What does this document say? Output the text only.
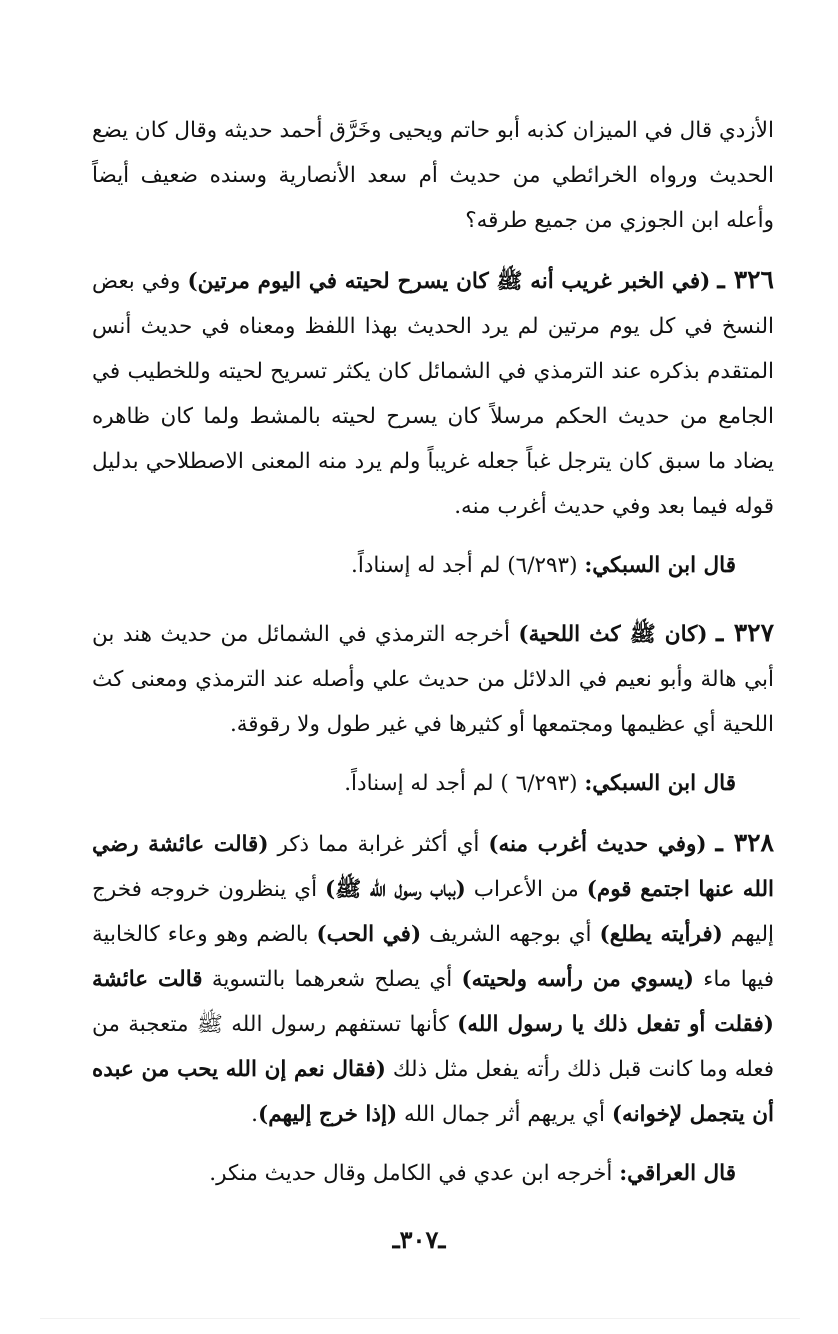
الأزدي قال في الميزان كذبه أبو حاتم ويحيى وخَرَّق أحمد حديثه وقال كان يضع الحديث ورواه الخرائطي من حديث أم سعد الأنصارية وسنده ضعيف أيضاً وأعله ابن الجوزي من جميع طرقه؟

٣٢٦ ـ (في الخبر غريب أنه ﷺ كان يسرح لحيته في اليوم مرتين) وفي بعض النسخ في كل يوم مرتين لم يرد الحديث بهذا اللفظ ومعناه في حديث أنس المتقدم بذكره عند الترمذي في الشمائل كان يكثر تسريح لحيته وللخطيب في الجامع من حديث الحكم مرسلاً كان يسرح لحيته بالمشط ولما كان ظاهره يضاد ما سبق كان يترجل غباً جعله غريباً ولم يرد منه المعنى الاصطلاحي بدليل قوله فيما بعد وفي حديث أغرب منه.

قال ابن السبكي: (٦/٢٩٣) لم أجد له إسناداً.

٣٢٧ ـ (كان ﷺ كث اللحية) أخرجه الترمذي في الشمائل من حديث هند بن أبي هالة وأبو نعيم في الدلائل من حديث علي وأصله عند الترمذي ومعنى كث اللحية أي عظيمها ومجتمعها أو كثيرها في غير طول ولا رقوقة.

قال ابن السبكي: (٦/٢٩٣ ) لم أجد له إسناداً.

٣٢٨ ـ (وفي حديث أغرب منه) أي أكثر غرابة مما ذكر (قالت عائشة رضي الله عنها اجتمع قوم) من الأعراب (بباب رسول الله ﷺ) أي ينظرون خروجه فخرج إليهم (فرأيته يطلع) أي بوجهه الشريف (في الحب) بالضم وهو وعاء كالخابية فيها ماء (يسوي من رأسه ولحيته) أي يصلح شعرهما بالتسوية قالت عائشة (فقلت أو تفعل ذلك يا رسول الله) كأنها تستفهم رسول الله ﷺ متعجبة من فعله وما كانت قبل ذلك رأته يفعل مثل ذلك (فقال نعم إن الله يحب من عبده أن يتجمل لإخوانه) أي يريهم أثر جمال الله (إذا خرج إليهم).

قال العراقي: أخرجه ابن عدي في الكامل وقال حديث منكر.

ـ٣٠٧ـ
